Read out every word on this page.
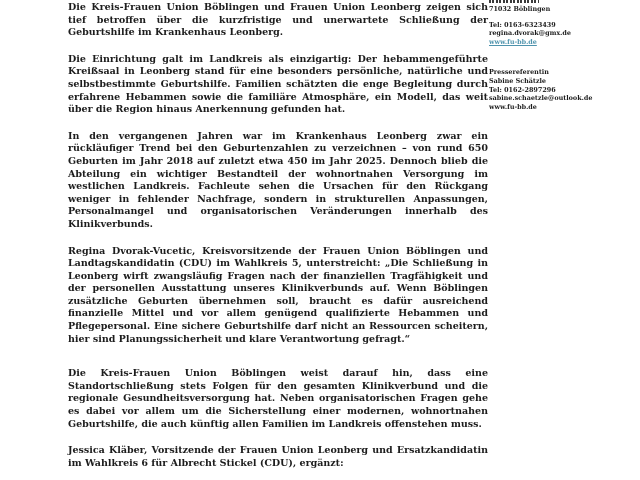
Die Kreis-Frauen Union Böblingen und Frauen Union Leonberg zeigen sich tief betroffen über die kurzfristige und unerwartete Schließung der Geburtshilfe im Krankenhaus Leonberg.

Die Einrichtung galt im Landkreis als einzigartig: Der hebammengeführte Kreißsaal in Leonberg stand für eine besonders persönliche, natürliche und selbstbestimmte Geburtshilfe. Familien schätzten die enge Begleitung durch erfahrene Hebammen sowie die familiäre Atmosphäre, ein Modell, das weit über die Region hinaus Anerkennung gefunden hat.

In den vergangenen Jahren war im Krankenhaus Leonberg zwar ein rückläufiger Trend bei den Geburtenzahlen zu verzeichnen – von rund 650 Geburten im Jahr 2018 auf zuletzt etwa 450 im Jahr 2025. Dennoch blieb die Abteilung ein wichtiger Bestandteil der wohnortnahen Versorgung im westlichen Landkreis. Fachleute sehen die Ursachen für den Rückgang weniger in fehlender Nachfrage, sondern in strukturellen Anpassungen, Personalmangel und organisatorischen Veränderungen innerhalb des Klinikverbunds.

Regina Dvorak-Vucetic, Kreisvorsitzende der Frauen Union Böblingen und Landtagskandidatin (CDU) im Wahlkreis 5, unterstreicht: „Die Schließung in Leonberg wirft zwangsläufig Fragen nach der finanziellen Tragfähigkeit und der personellen Ausstattung unseres Klinikverbunds auf. Wenn Böblingen zusätzliche Geburten übernehmen soll, braucht es dafür ausreichend finanzielle Mittel und vor allem genügend qualifizierte Hebammen und Pflegepersonal. Eine sichere Geburtshilfe darf nicht an Ressourcen scheitern, hier sind Planungssicherheit und klare Verantwortung gefragt.“

Die Kreis-Frauen Union Böblingen weist darauf hin, dass eine Standortschließung stets Folgen für den gesamten Klinikverbund und die regionale Gesundheitsversorgung hat. Neben organisatorischen Fragen gehe es dabei vor allem um die Sicherstellung einer modernen, wohnortnahen Geburtshilfe, die auch künftig allen Familien im Landkreis offenstehen muss.

Jessica Kläber, Vorsitzende der Frauen Union Leonberg und Ersatzkandidatin im Wahlkreis 6 für Albrecht Stickel (CDU), ergänzt:

71032 Böblingen
Tel: 0163-6323439
regina.dvorak@gmx.de
www.fu-bb.de
Pressereferentin
Sabine Schätzle
Tel: 0162-2897296
sabine.schaetzle@outlook.de
www.fu-bb.de
